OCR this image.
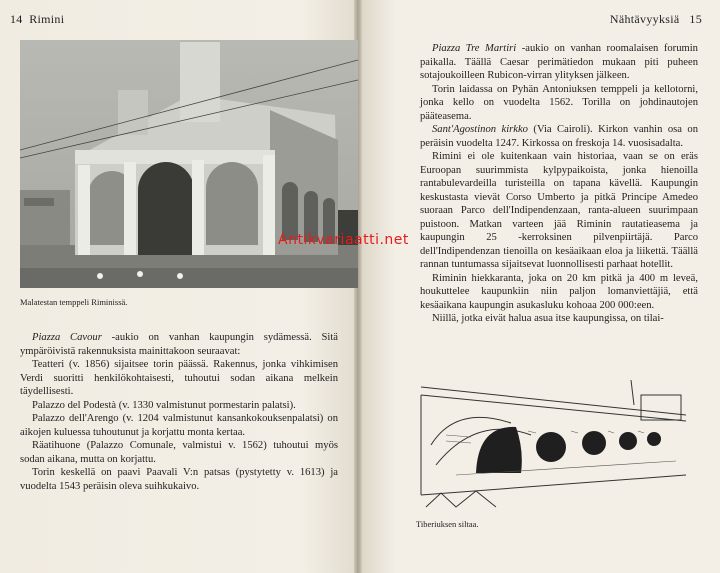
14 Rimini	Nähtävyyksiä 15
Malatestan temppeli Riminissä.

Piazza Cavour -aukio on vanhan kaupungin sydämessä. Sitä ympäröivistä rakennuksista mainittakoon seuraavat:

Teatteri (v. 1856) sijaitsee torin päässä. Rakennus, jonka vihkimisen Verdi suoritti henkilökohtaisesti, tuhoutui sodan aikana melkein täydellisesti.

Palazzo del Podestà (v. 1330 valmistunut pormestarin palatsi).

Palazzo dell'Arengo (v. 1204 valmistunut kansankokouksenpalatsi) on aikojen kuluessa tuhoutunut ja korjattu monta kertaa.

Räatihuone (Palazzo Comunale, valmistui v. 1562) tuhoutui myös sodan aikana, mutta on korjattu.

Torin keskellä on paavi Paavali V:n patsas (pystytetty v. 1613) ja vuodelta 1543 peräisin oleva suihkukaivo.

Piazza Tre Martiri -aukio on vanhan roomalaisen forumin paikalla. Täällä Caesar perimätiedon mukaan piti puheen sotajoukoilleen Rubicon-virran ylityksen jälkeen.

Torin laidassa on Pyhän Antoniuksen temppeli ja kellotorni, jonka kello on vuodelta 1562. Torilla on johdinautojen pääteasema.

Sant'Agostinon kirkko (Via Cairoli). Kirkon vanhin osa on peräisin vuodelta 1247. Kirkossa on freskoja 14. vuosisadalta.

Rimini ei ole kuitenkaan vain historiaa, vaan se on eräs Euroopan suurimmista kylpypaikoista, jonka hienoilla rantabulevardeilla turisteilla on tapana kävellä. Kaupungin keskustasta vievät Corso Umberto ja pitkä Principe Amedeo suoraan Parco dell'Indipendenzaan, ranta-alueen suurimpaan puistoon. Matkan varteen jää Riminin rautatieasema ja kaupungin 25 -kerroksinen pilvenpiirtäjä. Parco dell'Indipendenzan tienoilla on kesäaikaan eloa ja liikettä. Täällä rannan tuntumassa sijaitsevat luonnollisesti parhaat hotellit.

Riminin hiekkaranta, joka on 20 km pitkä ja 400 m leveä, houkuttelee kaupunkiin niin paljon lomanviettäjiä, että kesäaikana kaupungin asukasluku kohoaa 200 000:een.

Niillä, jotka eivät halua asua itse kaupungissa, on tilai-

Tiberiuksen siltaa.
Antikvariaatti.net
